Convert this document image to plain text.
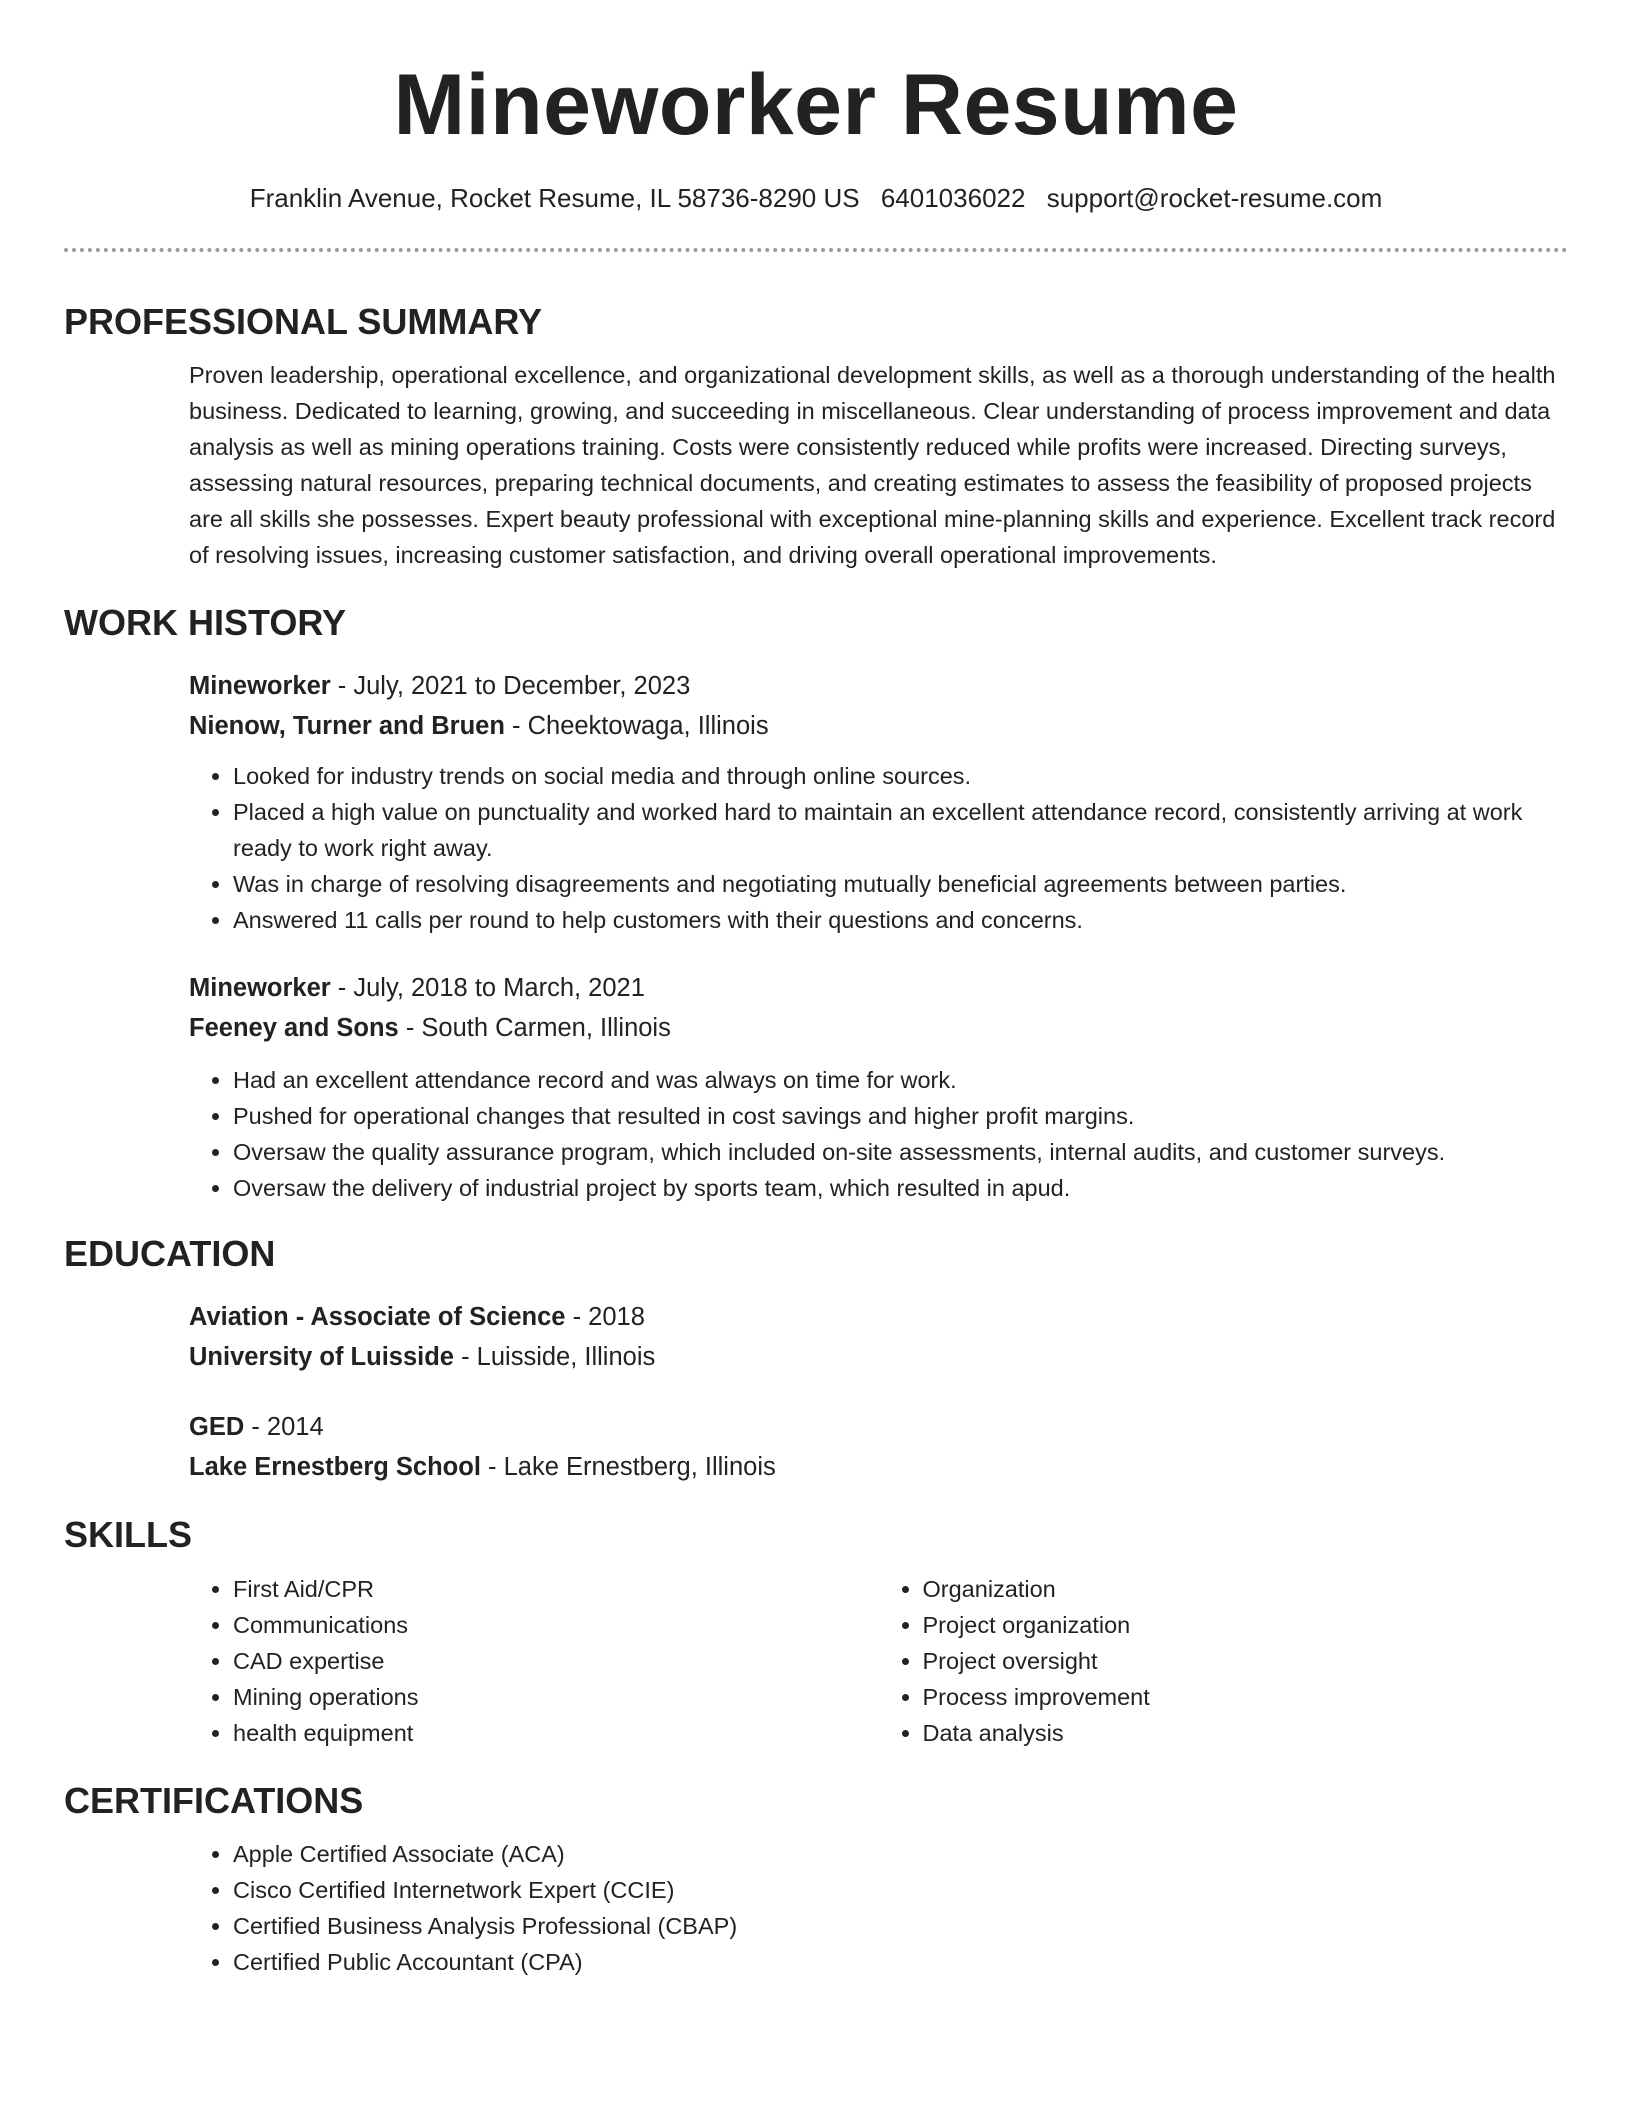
Mineworker Resume
Franklin Avenue, Rocket Resume, IL 58736-8290 US 6401036022 support@rocket-resume.com
PROFESSIONAL SUMMARY

Proven leadership, operational excellence, and organizational development skills, as well as a thorough understanding of the health business. Dedicated to learning, growing, and succeeding in miscellaneous. Clear understanding of process improvement and data analysis as well as mining operations training. Costs were consistently reduced while profits were increased. Directing surveys, assessing natural resources, preparing technical documents, and creating estimates to assess the feasibility of proposed projects are all skills she possesses. Expert beauty professional with exceptional mine-planning skills and experience. Excellent track record of resolving issues, increasing customer satisfaction, and driving overall operational improvements.

WORK HISTORY
Mineworker - July, 2021 to December, 2023
Nienow, Turner and Bruen - Cheektowaga, Illinois
• Looked for industry trends on social media and through online sources.
• Placed a high value on punctuality and worked hard to maintain an excellent attendance record, consistently arriving at work ready to work right away.
• Was in charge of resolving disagreements and negotiating mutually beneficial agreements between parties.
• Answered 11 calls per round to help customers with their questions and concerns.
Mineworker - July, 2018 to March, 2021
Feeney and Sons - South Carmen, Illinois
• Had an excellent attendance record and was always on time for work.
• Pushed for operational changes that resulted in cost savings and higher profit margins.
• Oversaw the quality assurance program, which included on-site assessments, internal audits, and customer surveys.
• Oversaw the delivery of industrial project by sports team, which resulted in apud.
EDUCATION
Aviation - Associate of Science - 2018
University of Luisside - Luisside, Illinois
GED - 2014
Lake Ernestberg School - Lake Ernestberg, Illinois
SKILLS
• First Aid/CPR
• Communications
• CAD expertise
• Mining operations
• health equipment
• Organization
• Project organization
• Project oversight
• Process improvement
• Data analysis
CERTIFICATIONS
• Apple Certified Associate (ACA)
• Cisco Certified Internetwork Expert (CCIE)
• Certified Business Analysis Professional (CBAP)
• Certified Public Accountant (CPA)
